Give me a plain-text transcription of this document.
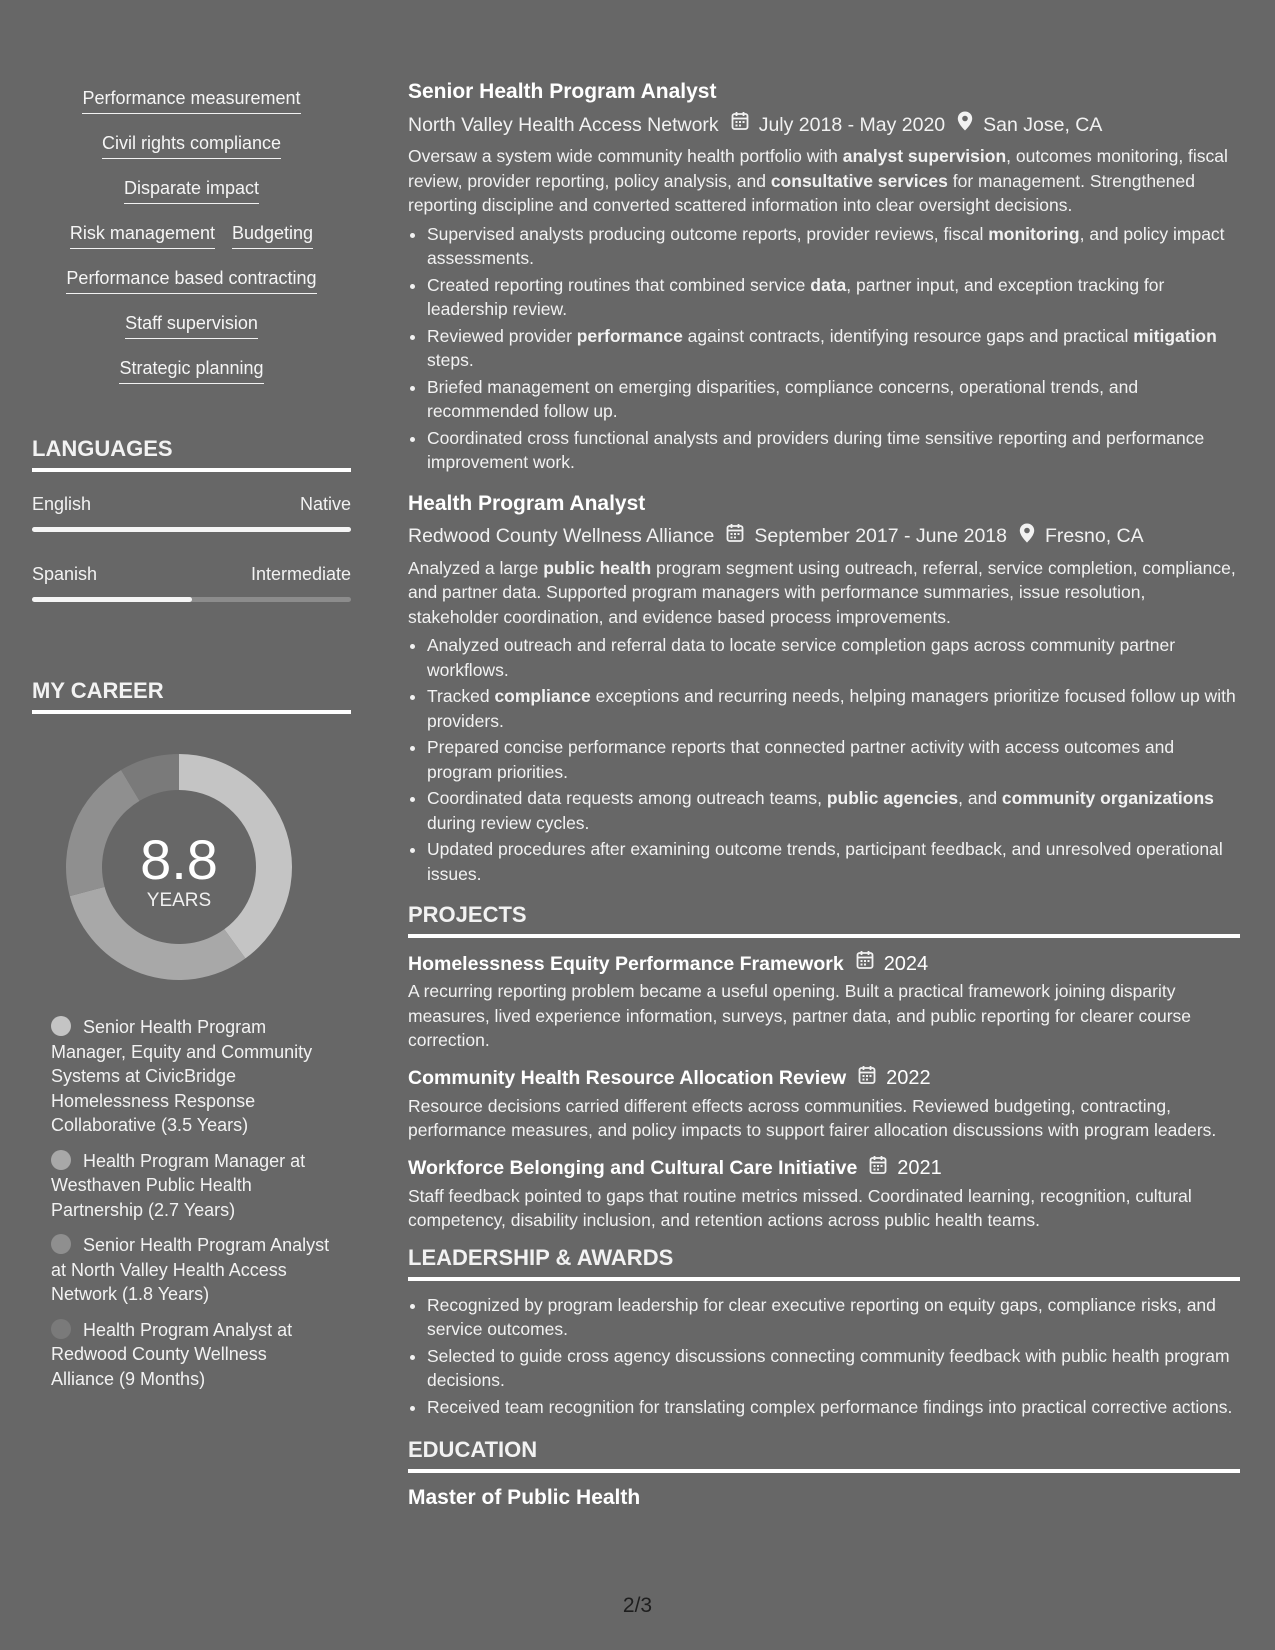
Performance measurement
Civil rights compliance
Disparate impact
Risk management Budgeting
Performance based contracting
Staff supervision
Strategic planning
LANGUAGES
English	Native
Spanish	Intermediate
MY CAREER
8.8
YEARS
Senior Health Program Manager, Equity and Community Systems at CivicBridge Homelessness Response Collaborative (3.5 Years)
Health Program Manager at Westhaven Public Health Partnership (2.7 Years)
Senior Health Program Analyst at North Valley Health Access Network (1.8 Years)
Health Program Analyst at Redwood County Wellness Alliance (9 Months)
Senior Health Program Analyst
North Valley Health Access Network July 2018 - May 2020 San Jose, CA
Oversaw a system wide community health portfolio with analyst supervision, outcomes monitoring, fiscal review, provider reporting, policy analysis, and consultative services for management. Strengthened reporting discipline and converted scattered information into clear oversight decisions.
• Supervised analysts producing outcome reports, provider reviews, fiscal monitoring, and policy impact assessments.
• Created reporting routines that combined service data, partner input, and exception tracking for leadership review.
• Reviewed provider performance against contracts, identifying resource gaps and practical mitigation steps.
• Briefed management on emerging disparities, compliance concerns, operational trends, and recommended follow up.
• Coordinated cross functional analysts and providers during time sensitive reporting and performance improvement work.
Health Program Analyst
Redwood County Wellness Alliance September 2017 - June 2018 Fresno, CA
Analyzed a large public health program segment using outreach, referral, service completion, compliance, and partner data. Supported program managers with performance summaries, issue resolution, stakeholder coordination, and evidence based process improvements.
• Analyzed outreach and referral data to locate service completion gaps across community partner workflows.
• Tracked compliance exceptions and recurring needs, helping managers prioritize focused follow up with providers.
• Prepared concise performance reports that connected partner activity with access outcomes and program priorities.
• Coordinated data requests among outreach teams, public agencies, and community organizations during review cycles.
• Updated procedures after examining outcome trends, participant feedback, and unresolved operational issues.
PROJECTS
Homelessness Equity Performance Framework 2024
A recurring reporting problem became a useful opening. Built a practical framework joining disparity measures, lived experience information, surveys, partner data, and public reporting for clearer course correction.
Community Health Resource Allocation Review 2022
Resource decisions carried different effects across communities. Reviewed budgeting, contracting, performance measures, and policy impacts to support fairer allocation discussions with program leaders.
Workforce Belonging and Cultural Care Initiative 2021
Staff feedback pointed to gaps that routine metrics missed. Coordinated learning, recognition, cultural competency, disability inclusion, and retention actions across public health teams.
LEADERSHIP & AWARDS
• Recognized by program leadership for clear executive reporting on equity gaps, compliance risks, and service outcomes.
• Selected to guide cross agency discussions connecting community feedback with public health program decisions.
• Received team recognition for translating complex performance findings into practical corrective actions.
EDUCATION
Master of Public Health
2/3
